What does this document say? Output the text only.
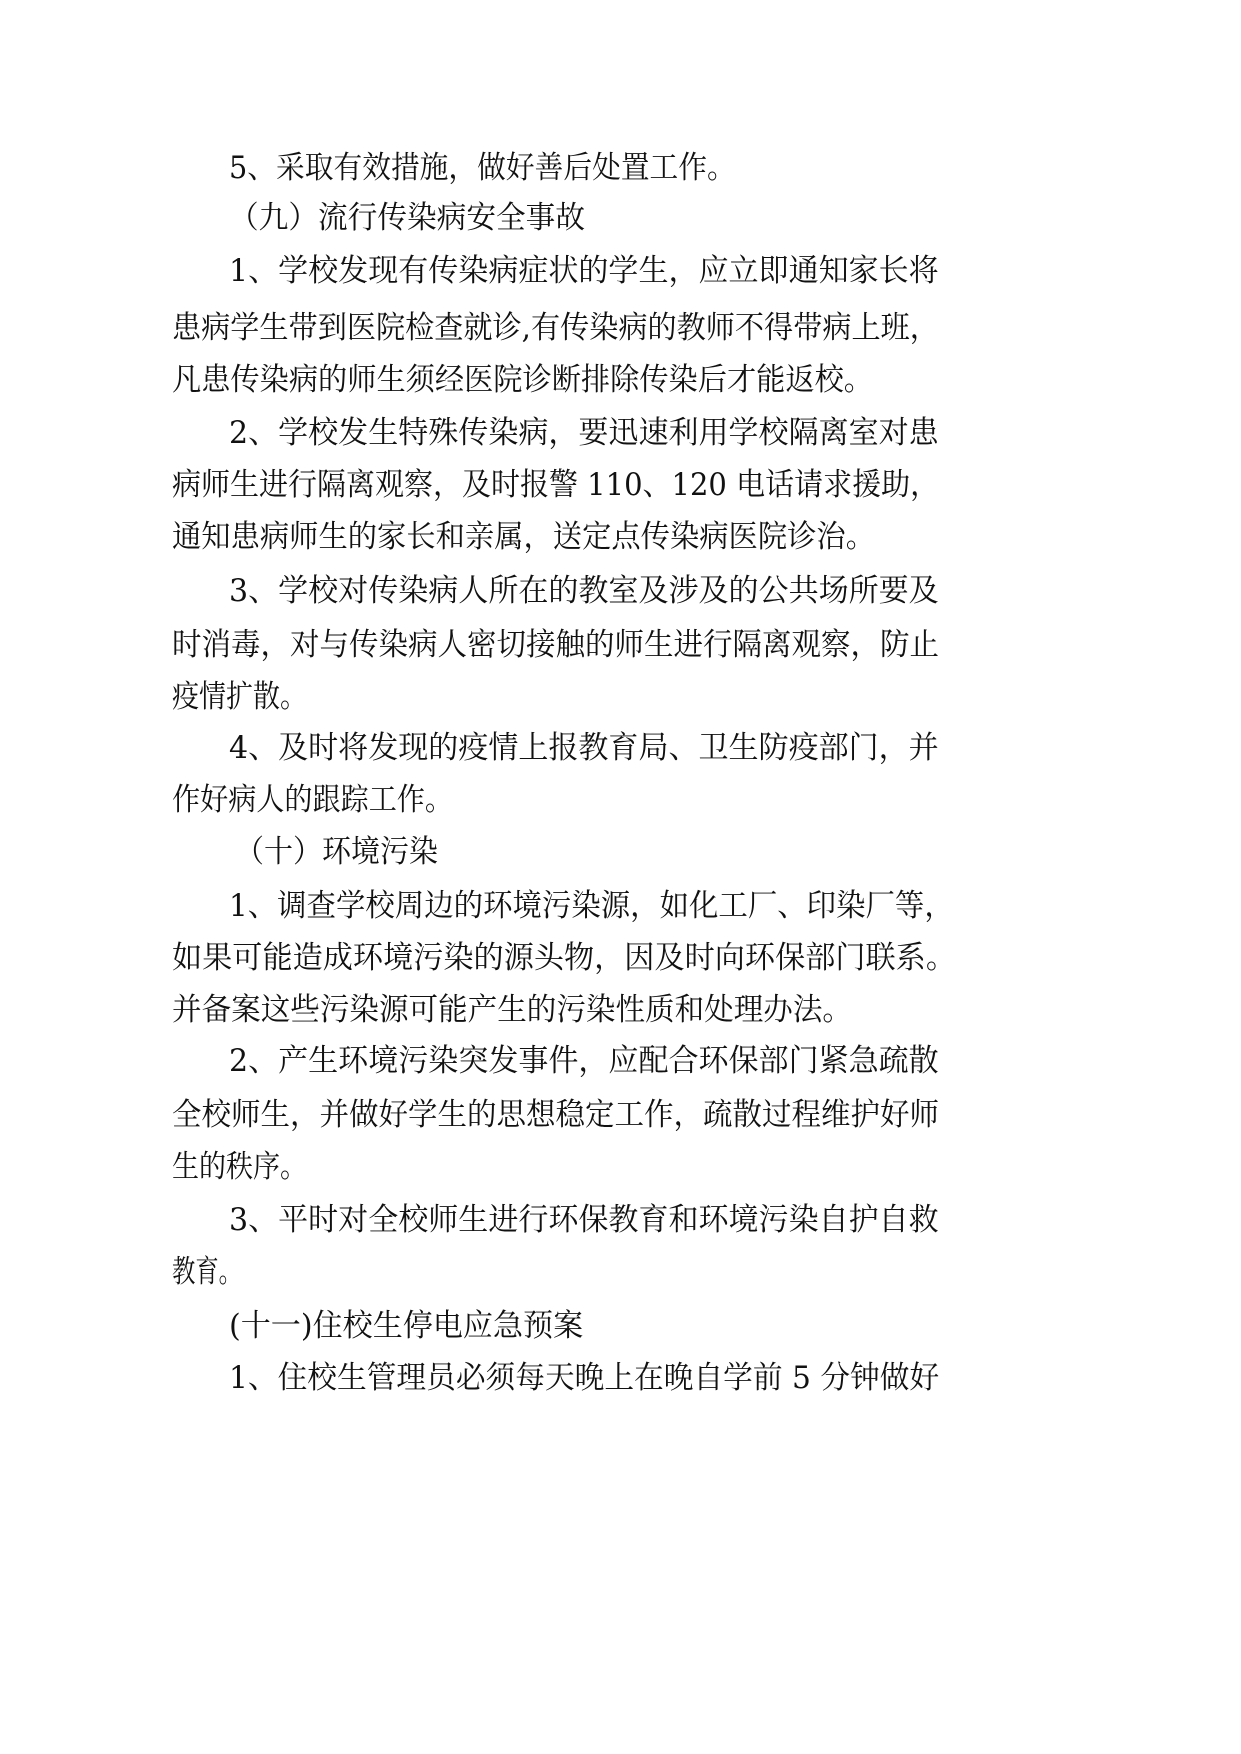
5、采取有效措施，做好善后处置工作。
（九）流行传染病安全事故
1、学校发现有传染病症状的学生，应立即通知家长将
患病学生带到医院检查就诊,有传染病的教师不得带病上班，
凡患传染病的师生须经医院诊断排除传染后才能返校。
2、学校发生特殊传染病，要迅速利用学校隔离室对患
病师生进行隔离观察，及时报警 110、120 电话请求援助，
通知患病师生的家长和亲属，送定点传染病医院诊治。
3、学校对传染病人所在的教室及涉及的公共场所要及
时消毒，对与传染病人密切接触的师生进行隔离观察，防止
疫情扩散。
4、及时将发现的疫情上报教育局、卫生防疫部门，并
作好病人的跟踪工作。
（十）环境污染
1、调查学校周边的环境污染源，如化工厂、印染厂等，
如果可能造成环境污染的源头物，因及时向环保部门联系。
并备案这些污染源可能产生的污染性质和处理办法。
2、产生环境污染突发事件，应配合环保部门紧急疏散
全校师生，并做好学生的思想稳定工作，疏散过程维护好师
生的秩序。
3、平时对全校师生进行环保教育和环境污染自护自救
教育。
(十一)住校生停电应急预案
1、住校生管理员必须每天晚上在晚自学前 5 分钟做好
